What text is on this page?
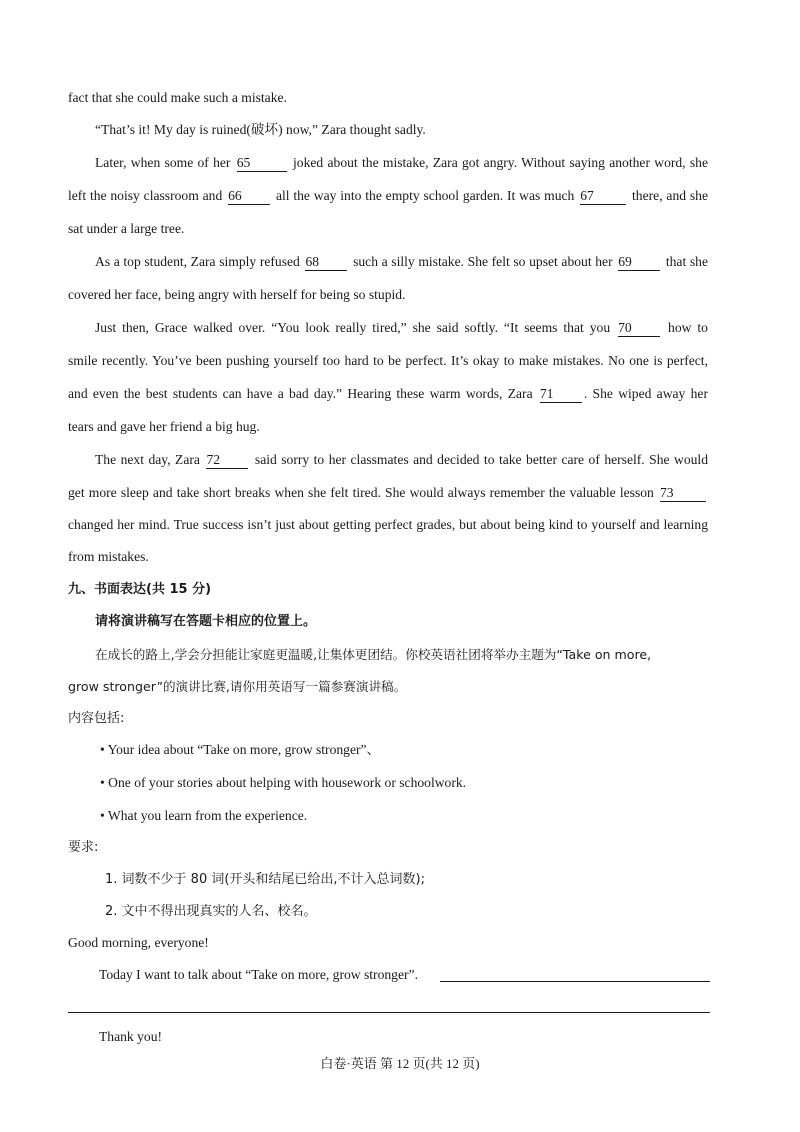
fact that she could make such a mistake.
“That’s it! My day is ruined(破坏) now,” Zara thought sadly.
Later, when some of her 65	joked about the mistake, Zara got angry. Without saying another word, she
left the noisy classroom and 66	all the way into the empty school garden. It was much 67	there, and she
sat under a large tree.
As a top student, Zara simply refused 68	such a silly mistake. She felt so upset about her 69	that she
covered her face, being angry with herself for being so stupid.
Just then, Grace walked over. “You look really tired,” she said softly. “It seems that you 70	how to
smile recently. You’ve been pushing yourself too hard to be perfect. It’s okay to make mistakes. No one is perfect,
and even the best students can have a bad day.” Hearing these warm words, Zara 71 . She wiped away her
tears and gave her friend a big hug.
The next day, Zara 72	said sorry to her classmates and decided to take better care of herself. She would
get more sleep and take short breaks when she felt tired. She would always remember the valuable lesson 73
changed her mind. True success isn’t just about getting perfect grades, but about being kind to yourself and learning
from mistakes.
九、书面表达(共 15 分)
请将演讲稿写在答题卡相应的位置上。
在成长的路上,学会分担能让家庭更温暖,让集体更团结。你校英语社团将举办主题为“Take on more,
grow stronger”的演讲比赛,请你用英语写一篇参赛演讲稿。
内容包括:
• Your idea about “Take on more, grow stronger”、
• One of your stories about helping with housework or schoolwork.
• What you learn from the experience.
要求:
1. 词数不少于 80 词(开头和结尾已给出,不计入总词数);
2. 文中不得出现真实的人名、校名。
Good morning, everyone!
Today I want to talk about “Take on more, grow stronger”.
Thank you!
白卷·英语 第 12 页(共 12 页)
